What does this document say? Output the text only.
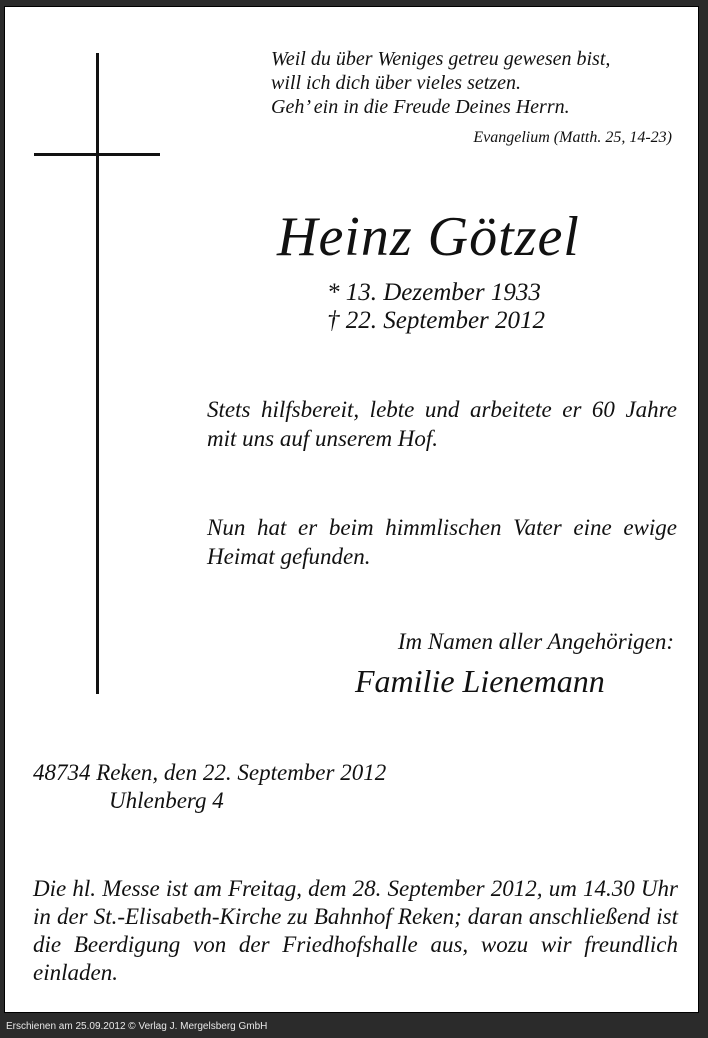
Weil du über Weniges getreu gewesen bist,
will ich dich über vieles setzen.
Geh’ ein in die Freude Deines Herrn.
Evangelium (Matth. 25, 14-23)
Heinz Götzel
* 13. Dezember 1933
† 22. September 2012
Stets hilfsbereit, lebte und arbeitete er 60 Jahre mit uns auf unserem Hof.
Nun hat er beim himmlischen Vater eine ewige Heimat gefunden.
Im Namen aller Angehörigen:
Familie Lienemann
48734 Reken, den 22. September 2012
Uhlenberg 4
Die hl. Messe ist am Freitag, dem 28. September 2012, um 14.30 Uhr in der St.-Elisabeth-Kirche zu Bahnhof Reken; daran anschließend ist die Beerdigung von der Friedhofshalle aus, wozu wir freundlich einladen.
Erschienen am 25.09.2012 © Verlag J. Mergelsberg GmbH
